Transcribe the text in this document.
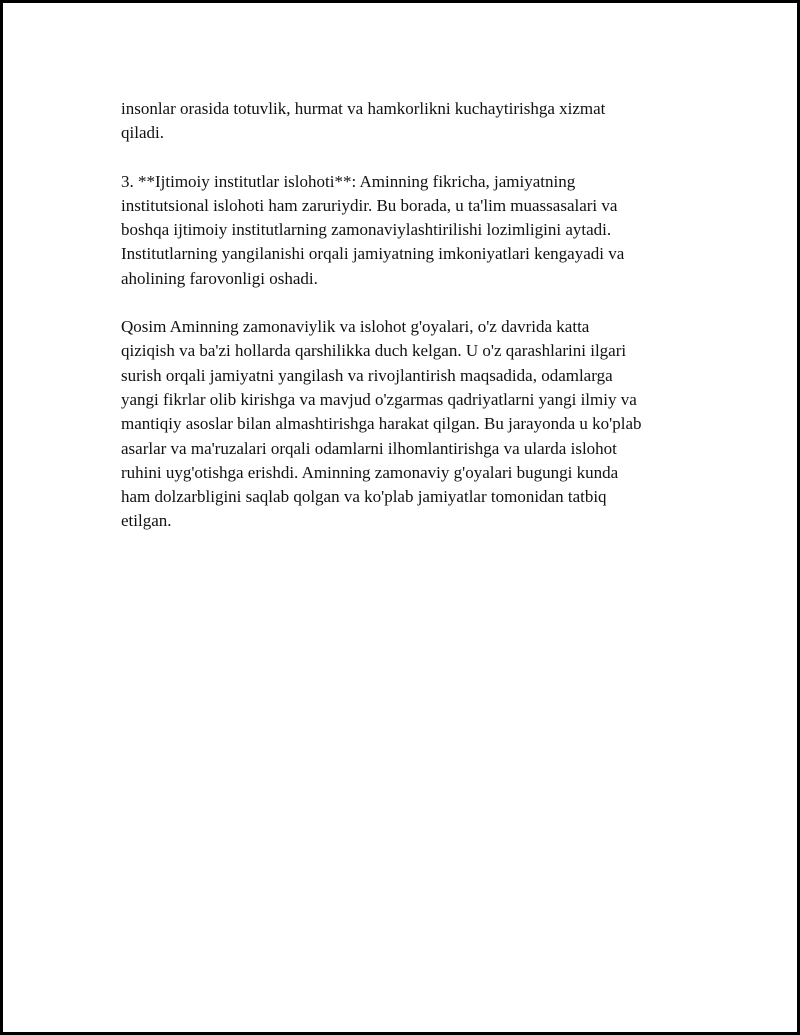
insonlar orasida totuvlik, hurmat va hamkorlikni kuchaytirishga xizmat
qiladi.

3. **Ijtimoiy institutlar islohoti**: Aminning fikricha, jamiyatning
institutsional islohoti ham zaruriydir. Bu borada, u ta'lim muassasalari va
boshqa ijtimoiy institutlarning zamonaviylashtirilishi lozimligini aytadi.
Institutlarning yangilanishi orqali jamiyatning imkoniyatlari kengayadi va
aholining farovonligi oshadi.

Qosim Aminning zamonaviylik va islohot g'oyalari, o'z davrida katta
qiziqish va ba'zi hollarda qarshilikka duch kelgan. U o'z qarashlarini ilgari
surish orqali jamiyatni yangilash va rivojlantirish maqsadida, odamlarga
yangi fikrlar olib kirishga va mavjud o'zgarmas qadriyatlarni yangi ilmiy va
mantiqiy asoslar bilan almashtirishga harakat qilgan. Bu jarayonda u ko'plab
asarlar va ma'ruzalari orqali odamlarni ilhomlantirishga va ularda islohot
ruhini uyg'otishga erishdi. Aminning zamonaviy g'oyalari bugungi kunda
ham dolzarbligini saqlab qolgan va ko'plab jamiyatlar tomonidan tatbiq
etilgan.
